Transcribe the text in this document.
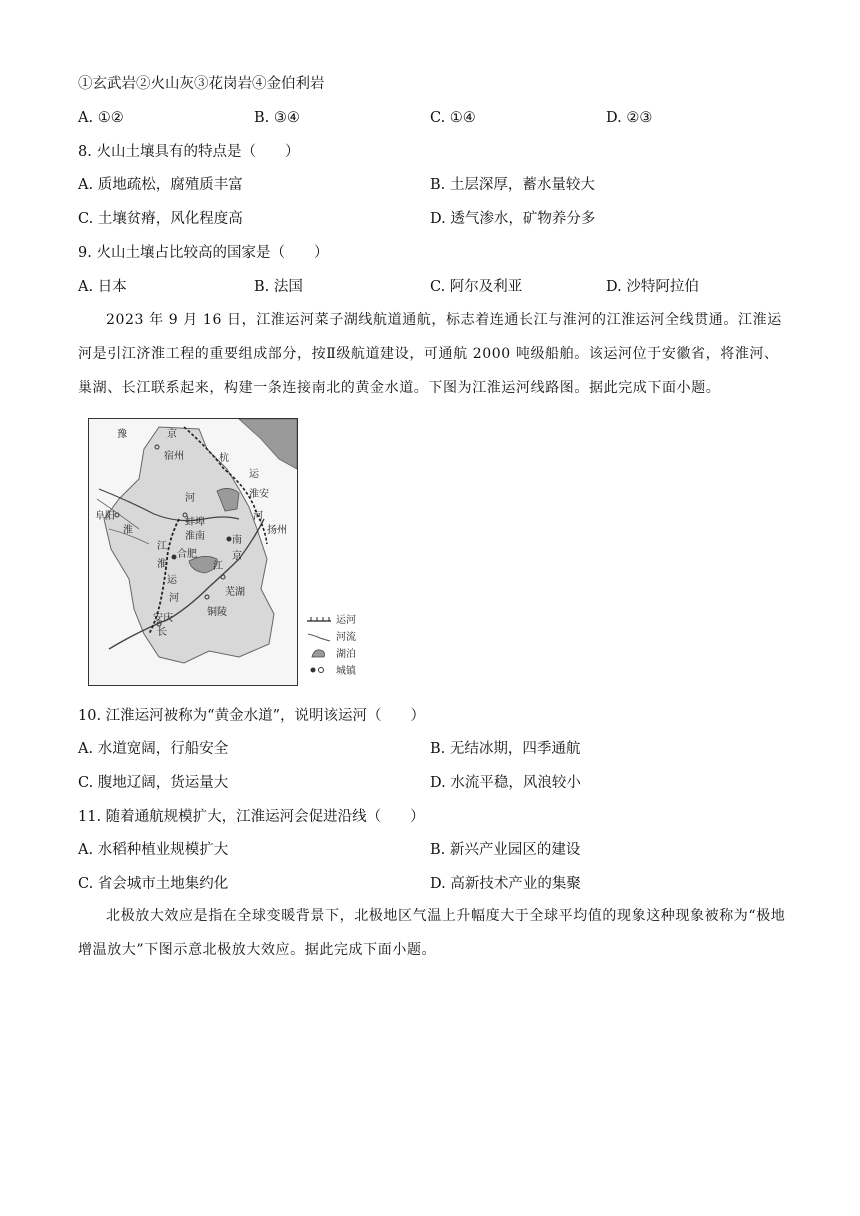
①玄武岩②火山灰③花岗岩④金伯利岩
A. ①②	B. ③④	C. ①④	D. ②③
8. 火山土壤具有的特点是（　　）
A. 质地疏松，腐殖质丰富	B. 土层深厚，蓄水量较大
C. 土壤贫瘠，风化程度高	D. 透气渗水，矿物养分多
9. 火山土壤占比较高的国家是（　　）
A. 日本	B. 法国	C. 阿尔及利亚	D. 沙特阿拉伯
2023 年 9 月 16 日，江淮运河菜子湖线航道通航，标志着连通长江与淮河的江淮运河全线贯通。江淮运河是引江济淮工程的重要组成部分，按Ⅱ级航道建设，可通航 2000 吨级船舶。该运河位于安徽省，将淮河、巢湖、长江联系起来，构建一条连接南北的黄金水道。下图为江淮运河线路图。据此完成下面小题。
豫	京
杭
运
宿州
淮安
河
河
阜阳
淮
蚌埠
淮南
扬州
江
合肥
南
京
淮	江
运
芜湖
河
铜陵
安庆
长
运河
河流
湖泊
城镇
10. 江淮运河被称为“黄金水道”，说明该运河（　　）
A. 水道宽阔，行船安全	B. 无结冰期，四季通航
C. 腹地辽阔，货运量大	D. 水流平稳，风浪较小
11. 随着通航规模扩大，江淮运河会促进沿线（　　）
A. 水稻种植业规模扩大	B. 新兴产业园区的建设
C. 省会城市土地集约化	D. 高新技术产业的集聚
北极放大效应是指在全球变暖背景下，北极地区气温上升幅度大于全球平均值的现象这种现象被称为“极地增温放大”下图示意北极放大效应。据此完成下面小题。
